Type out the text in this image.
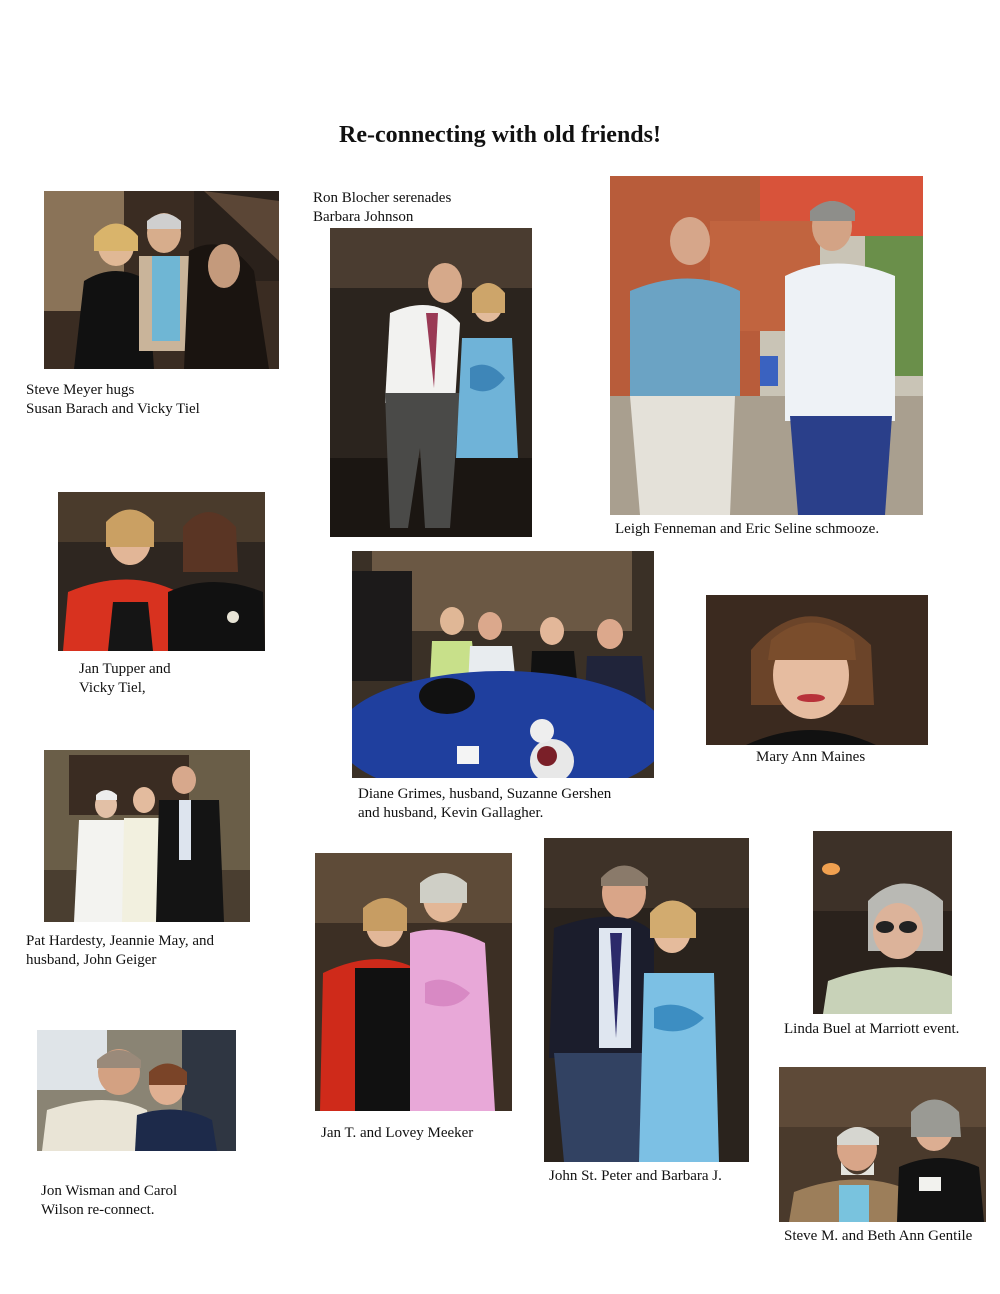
Re-connecting with old friends!
Steve Meyer hugs
Susan Barach and Vicky Tiel
Ron Blocher serenades
Barbara Johnson
Leigh Fenneman and Eric Seline schmooze.
Jan Tupper and
Vicky Tiel,
Diane Grimes, husband, Suzanne Gershen
and husband, Kevin Gallagher.
Mary Ann Maines
Pat Hardesty, Jeannie May, and
husband, John Geiger
Jan T. and Lovey Meeker
John St. Peter and Barbara J.
Linda Buel at Marriott event.
Jon Wisman and Carol
Wilson re-connect.
Steve M. and Beth Ann Gentile
